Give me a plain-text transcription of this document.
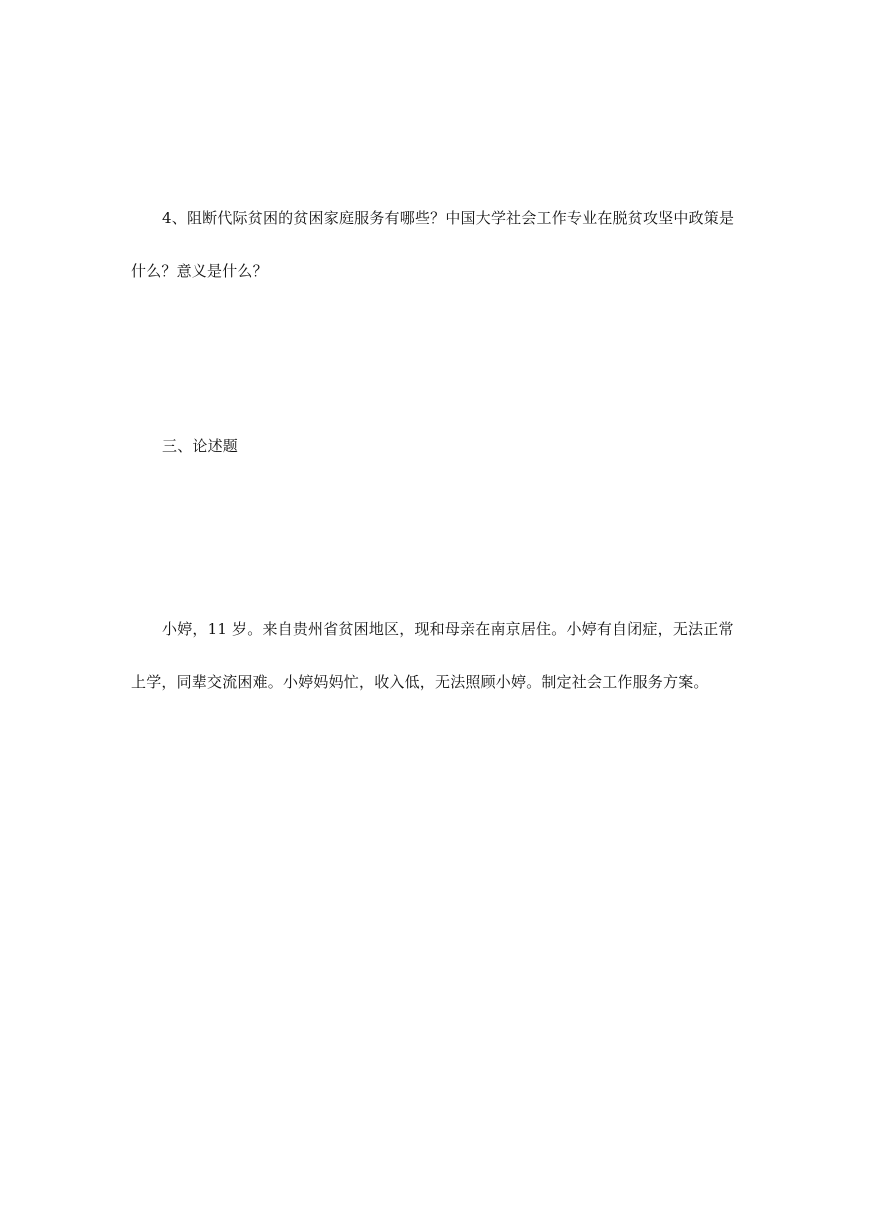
4、阻断代际贫困的贫困家庭服务有哪些？中国大学社会工作专业在脱贫攻坚中政策是
什么？意义是什么？
三、论述题
小婷，11 岁。来自贵州省贫困地区，现和母亲在南京居住。小婷有自闭症，无法正常
上学，同辈交流困难。小婷妈妈忙，收入低，无法照顾小婷。制定社会工作服务方案。
